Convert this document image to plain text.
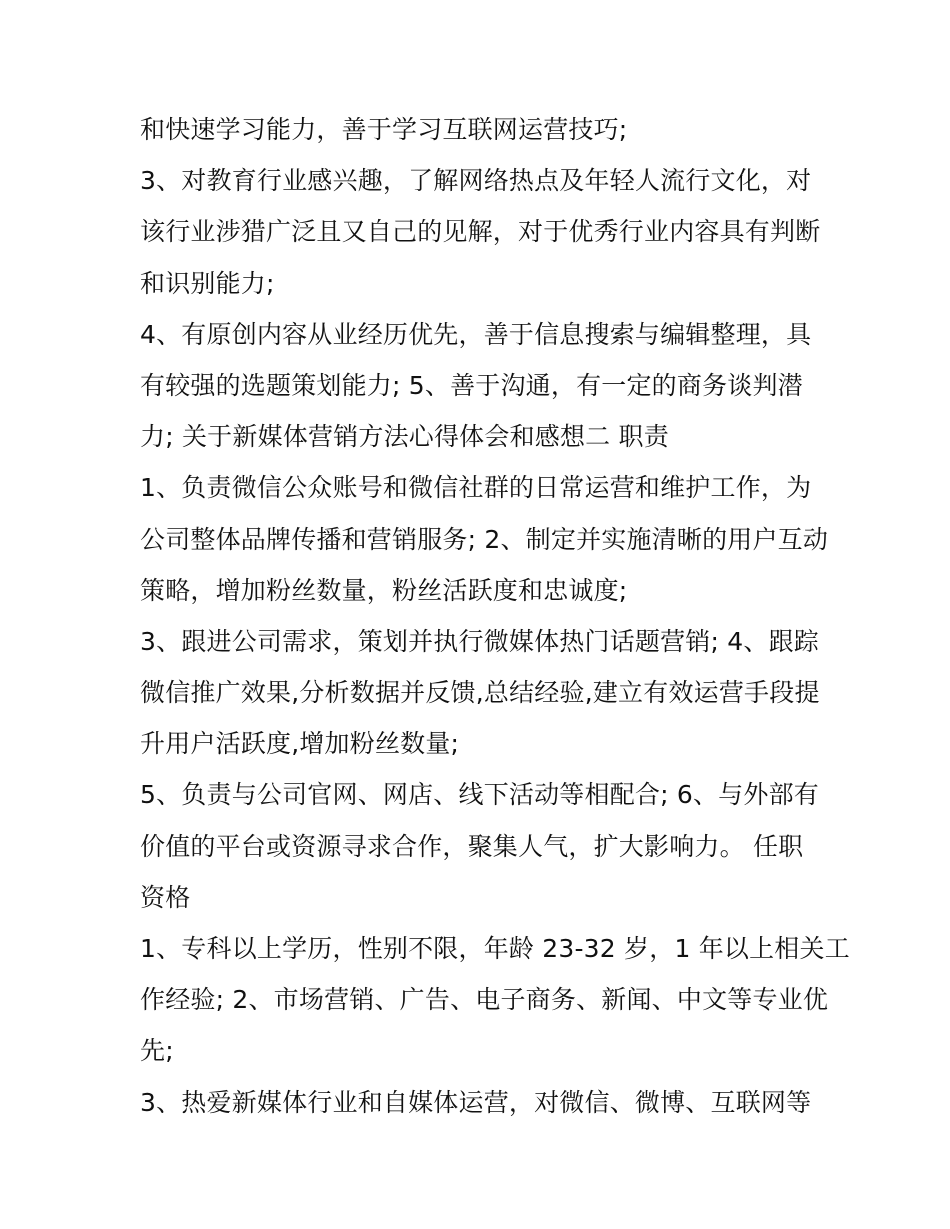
和快速学习能力，善于学习互联网运营技巧;
3、对教育行业感兴趣，了解网络热点及年轻人流行文化，对
该行业涉猎广泛且又自己的见解，对于优秀行业内容具有判断
和识别能力;
4、有原创内容从业经历优先，善于信息搜索与编辑整理，具
有较强的选题策划能力; 5、善于沟通，有一定的商务谈判潜
力; 关于新媒体营销方法心得体会和感想二 职责
1、负责微信公众账号和微信社群的日常运营和维护工作，为
公司整体品牌传播和营销服务; 2、制定并实施清晰的用户互动
策略，增加粉丝数量，粉丝活跃度和忠诚度;
3、跟进公司需求，策划并执行微媒体热门话题营销; 4、跟踪
微信推广效果,分析数据并反馈,总结经验,建立有效运营手段提
升用户活跃度,增加粉丝数量;
5、负责与公司官网、网店、线下活动等相配合; 6、与外部有
价值的平台或资源寻求合作，聚集人气，扩大影响力。 任职
资格
1、专科以上学历，性别不限，年龄 23-32 岁，1 年以上相关工
作经验; 2、市场营销、广告、电子商务、新闻、中文等专业优
先;
3、热爱新媒体行业和自媒体运营，对微信、微博、互联网等
